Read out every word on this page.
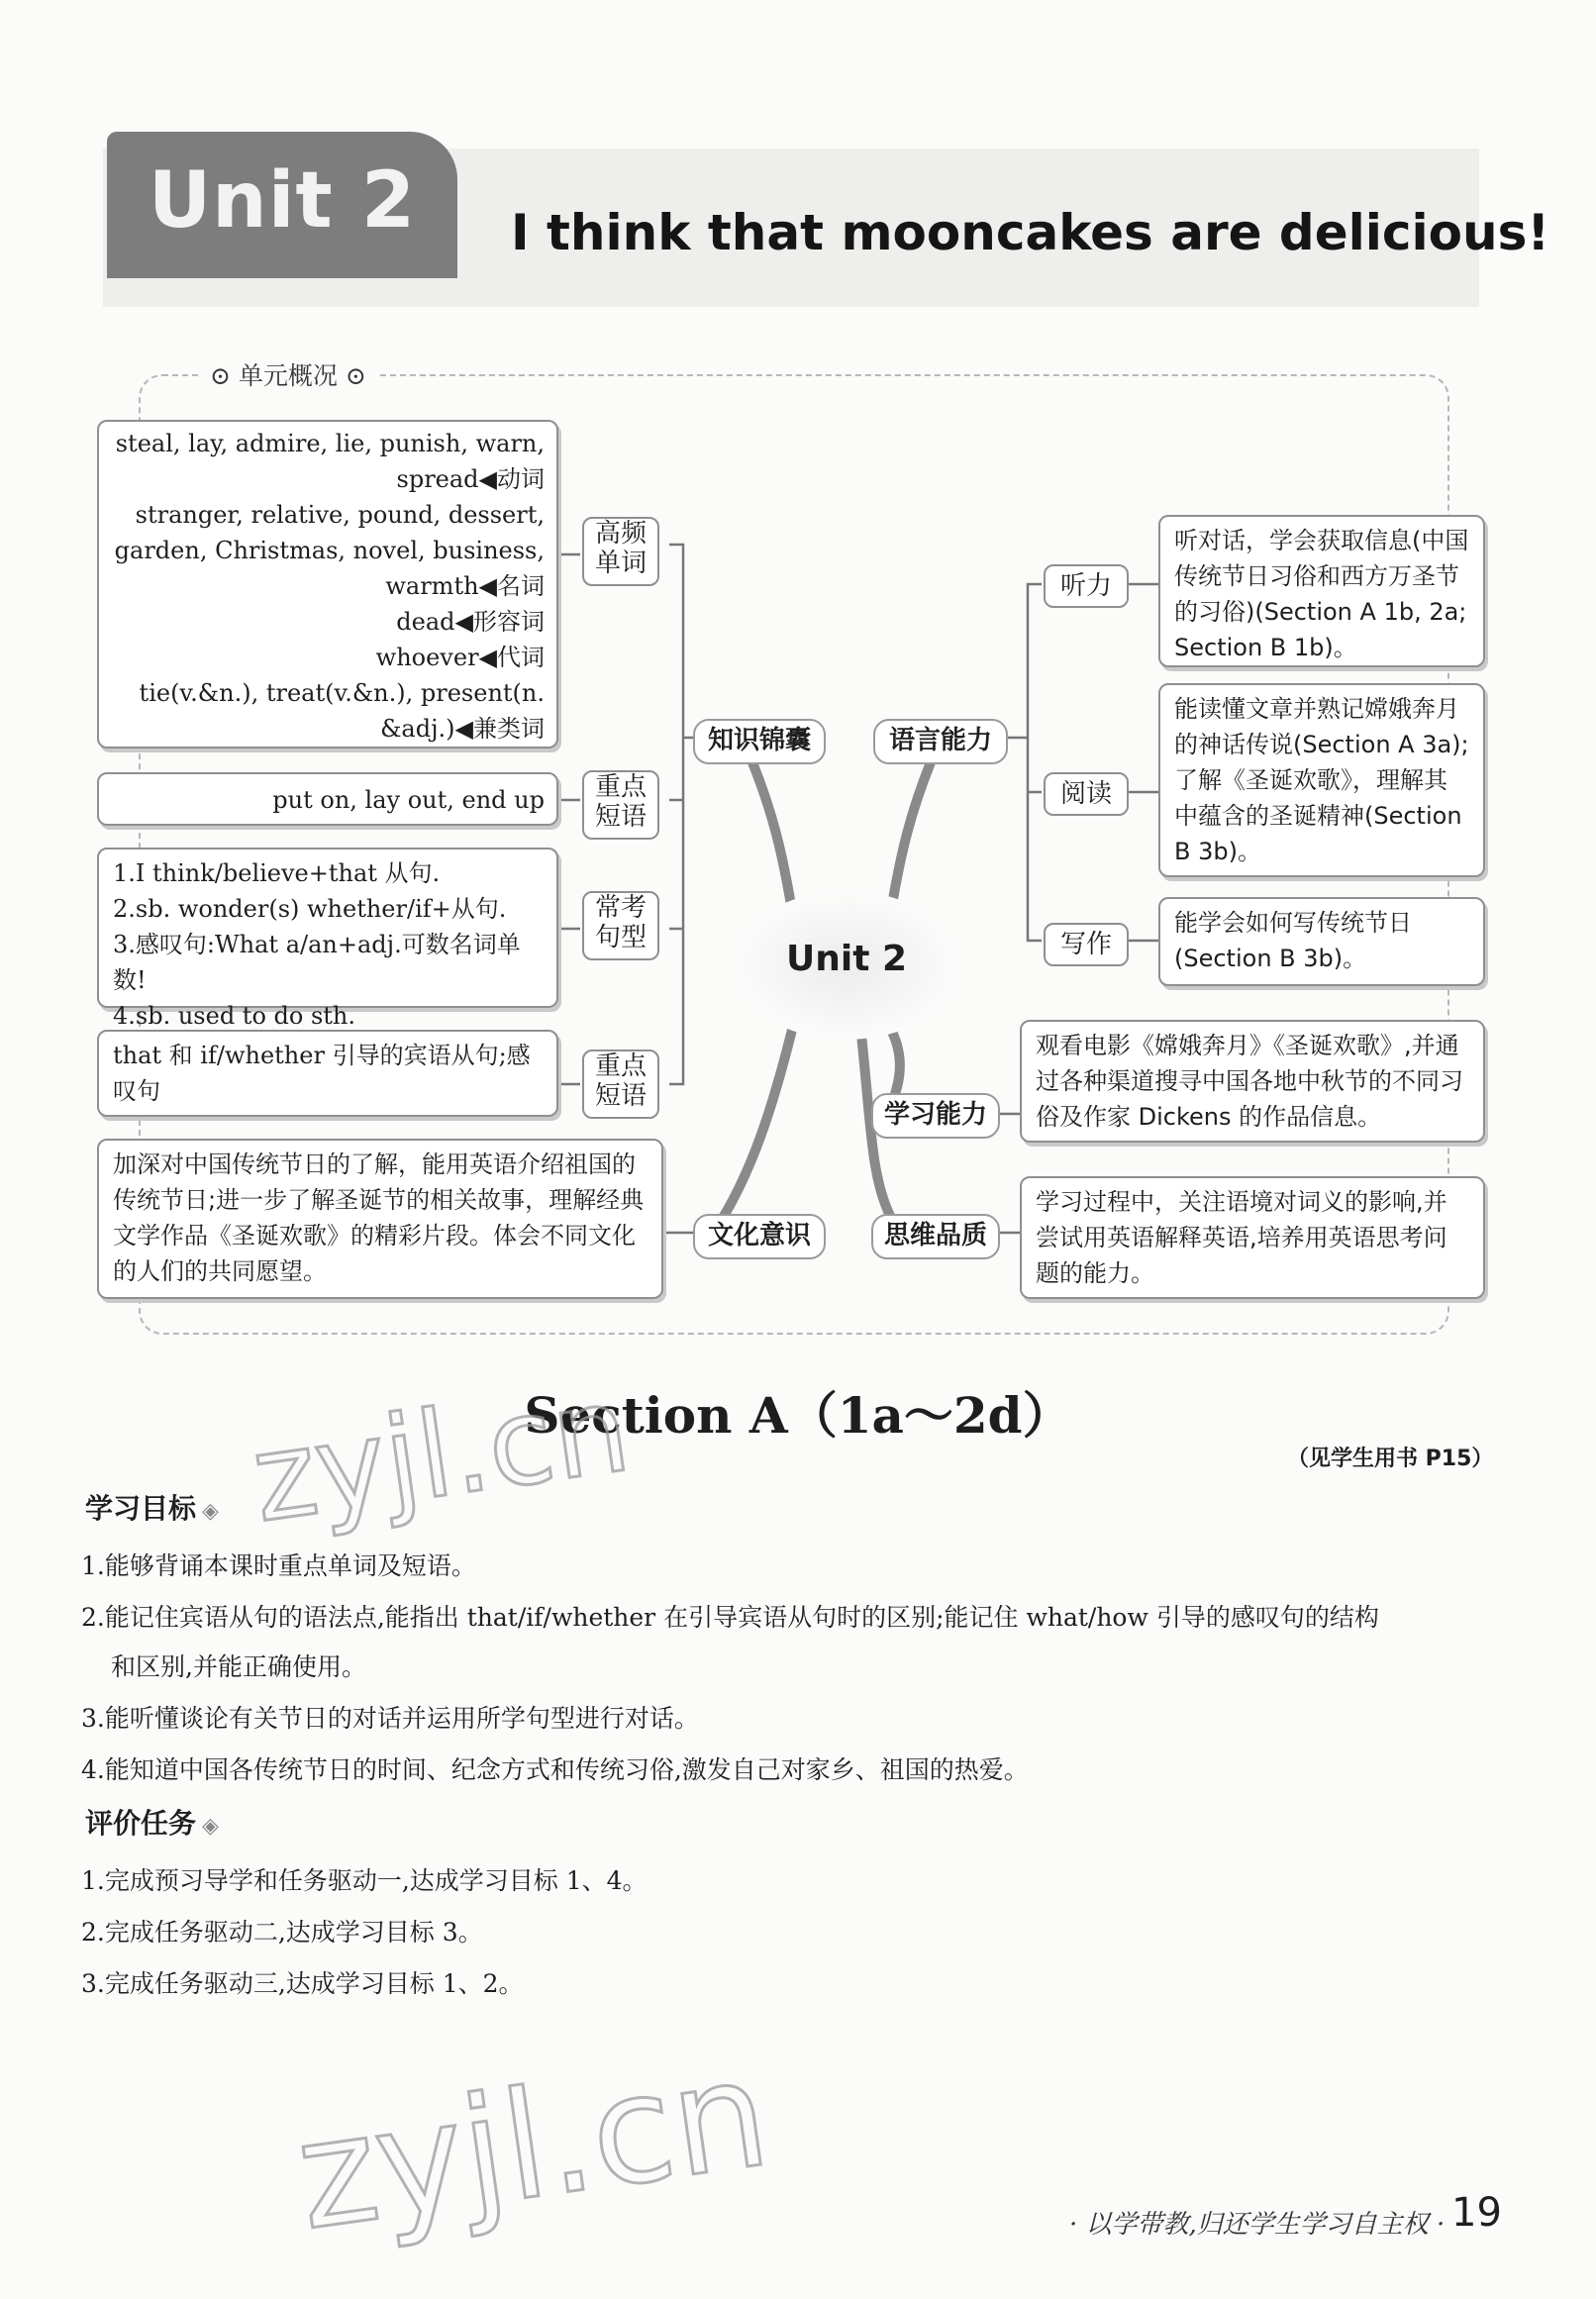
Unit 2	I think that mooncakes are delicious!
⊙ 单元概况 ⊙
Unit 2
steal, lay, admire, lie, punish, warn,
spread◀动词
stranger, relative, pound, dessert,
garden, Christmas, novel, business,
warmth◀名词
dead◀形容词
whoever◀代词
tie(v.&n.), treat(v.&n.), present(n.
&adj.)◀兼类词
高频
单词
put on, lay out, end up	重点
短语
1.I think/believe+that 从句.
2.sb. wonder(s) whether/if+从句.
3.感叹句:What a/an+adj.可数名词单数!
4.sb. used to do sth.
常考
句型
that 和 if/whether 引导的宾语从句;感叹句
重点
短语
加深对中国传统节日的了解，能用英语介绍祖国的传统节日;进一步了解圣诞节的相关故事，理解经典文学作品《圣诞欢歌》的精彩片段。体会不同文化的人们的共同愿望。
知识锦囊	语言能力
文化意识
学习能力
思维品质
听力
阅读
写作
听对话，学会获取信息(中国传统节日习俗和西方万圣节的习俗)(Section A 1b, 2a; Section B 1b)。
能读懂文章并熟记嫦娥奔月的神话传说(Section A 3a);了解《圣诞欢歌》，理解其中蕴含的圣诞精神(Section B 3b)。
能学会如何写传统节日(Section B 3b)。
观看电影《嫦娥奔月》《圣诞欢歌》,并通过各种渠道搜寻中国各地中秋节的不同习俗及作家 Dickens 的作品信息。
学习过程中，关注语境对词义的影响,并尝试用英语解释英语,培养用英语思考问题的能力。
Section A（1a～2d）
（见学生用书 P15）
学习目标 ◈
1.能够背诵本课时重点单词及短语。
2.能记住宾语从句的语法点,能指出 that/if/whether 在引导宾语从句时的区别;能记住 what/how 引导的感叹句的结构
和区别,并能正确使用。
3.能听懂谈论有关节日的对话并运用所学句型进行对话。
4.能知道中国各传统节日的时间、纪念方式和传统习俗,激发自己对家乡、祖国的热爱。
评价任务 ◈
1.完成预习导学和任务驱动一,达成学习目标 1、4。
2.完成任务驱动二,达成学习目标 3。
3.完成任务驱动三,达成学习目标 1、2。
zyjl.cn
zyjl.cn	· 以学带教,归还学生学习自主权 · 19
